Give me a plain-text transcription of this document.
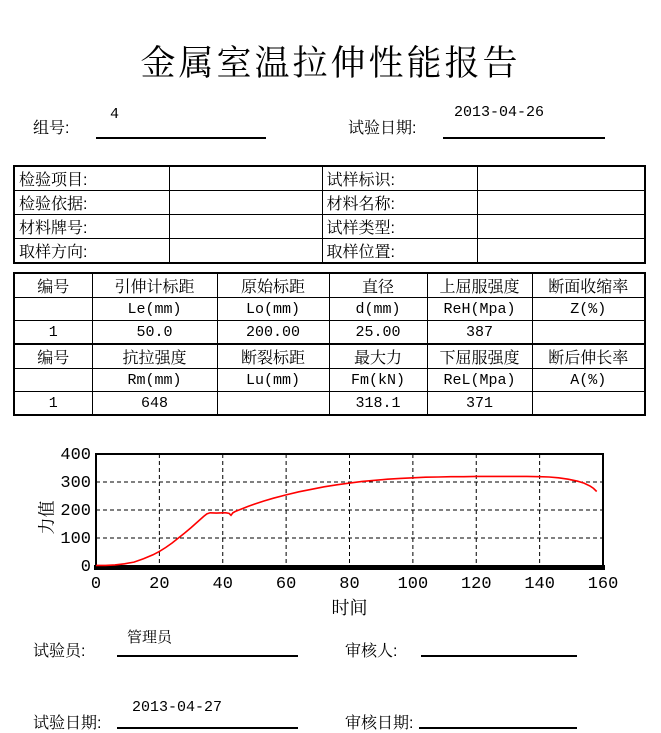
金属室温拉伸性能报告
组号:
4
试验日期:
2013-04-26
检验项目:		试样标识:	
检验依据:		材料名称:	
材料牌号:		试样类型:	
取样方向:		取样位置:	
编号	引伸计标距	原始标距	直径	上屈服强度	断面收缩率
	Le(mm)	Lo(mm)	d(mm)	ReH(Mpa)	Z(%)
1	50.0	200.00	25.00	387	
编号	抗拉强度	断裂标距	最大力	下屈服强度	断后伸长率
	Rm(mm)	Lu(mm)	Fm(kN)	ReL(Mpa)	A(%)
1	648		318.1	371	
0	20	40	60	80 100 120 140 160
0
100
200
300
400
力值
时间
试验员:
管理员
审核人:
试验日期:
2013-04-27
审核日期:
